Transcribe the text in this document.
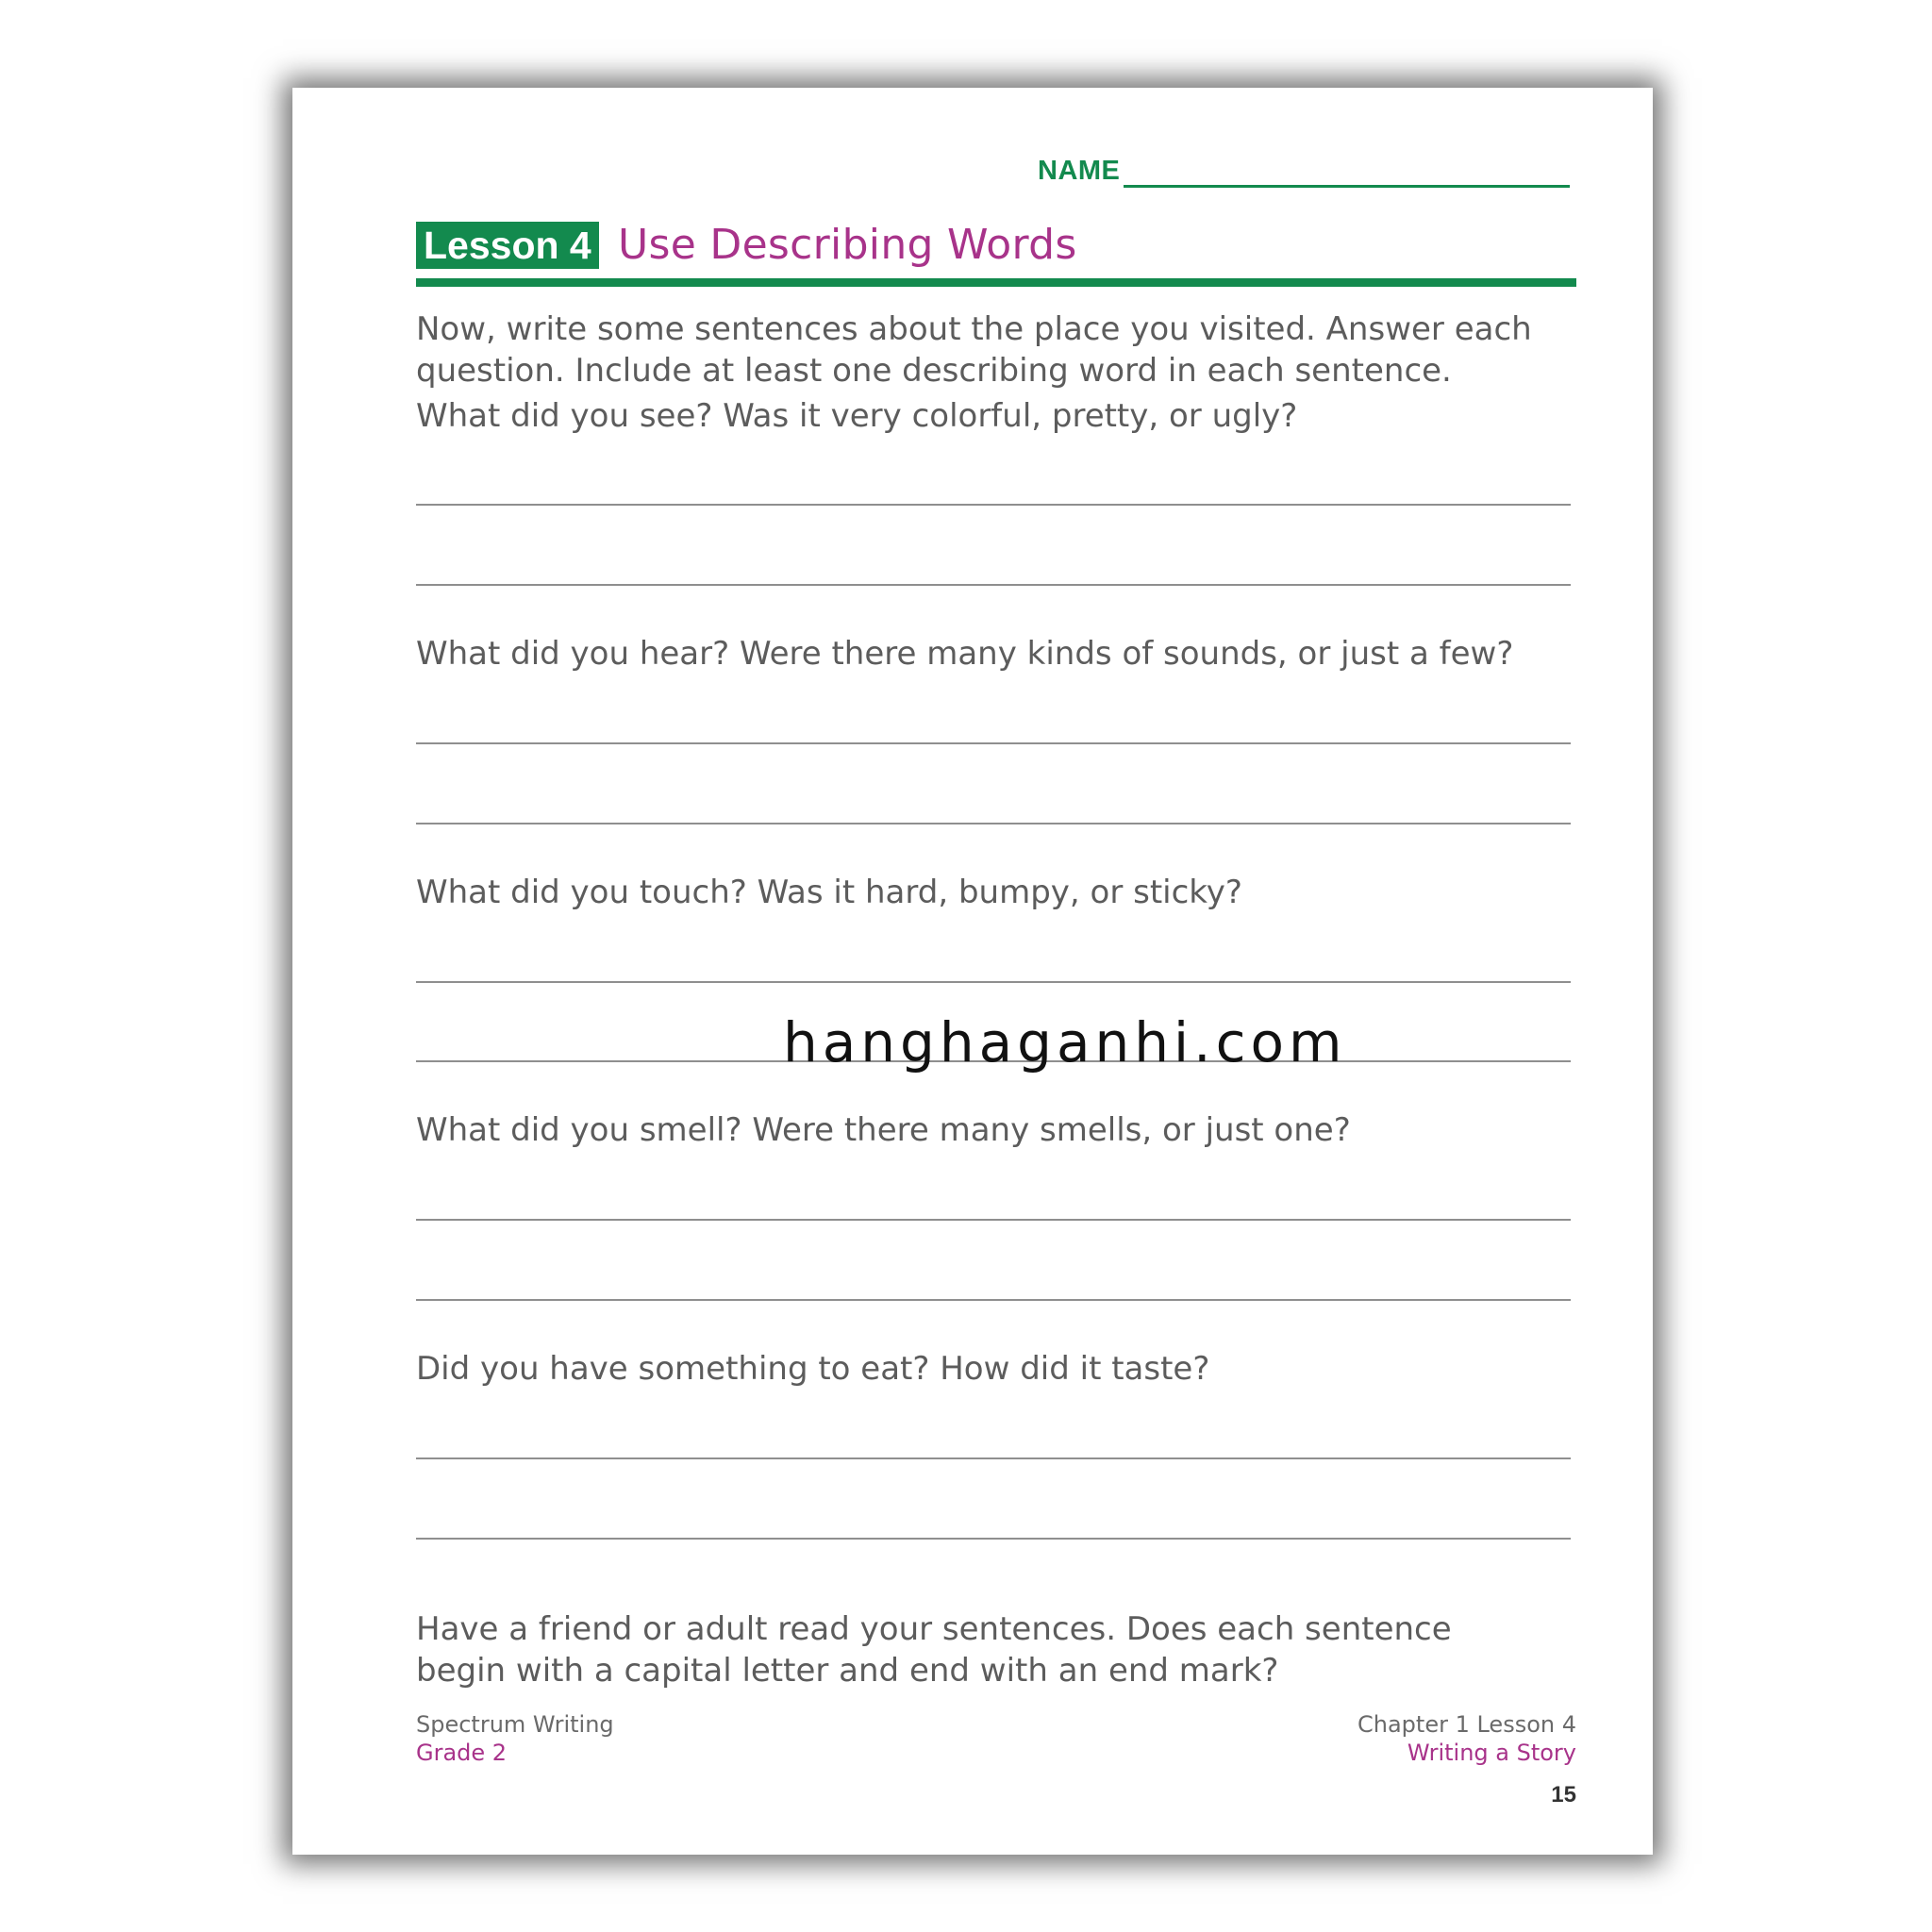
NAME
Lesson 4 Use Describing Words
Now, write some sentences about the place you visited. Answer each
question. Include at least one describing word in each sentence.
What did you see? Was it very colorful, pretty, or ugly?
What did you hear? Were there many kinds of sounds, or just a few?
What did you touch? Was it hard, bumpy, or sticky?
What did you smell? Were there many smells, or just one?
Did you have something to eat? How did it taste?
Have a friend or adult read your sentences. Does each sentence
begin with a capital letter and end with an end mark?
Spectrum Writing
Grade 2
Chapter 1 Lesson 4
Writing a Story
15
hanghaganhi.com
